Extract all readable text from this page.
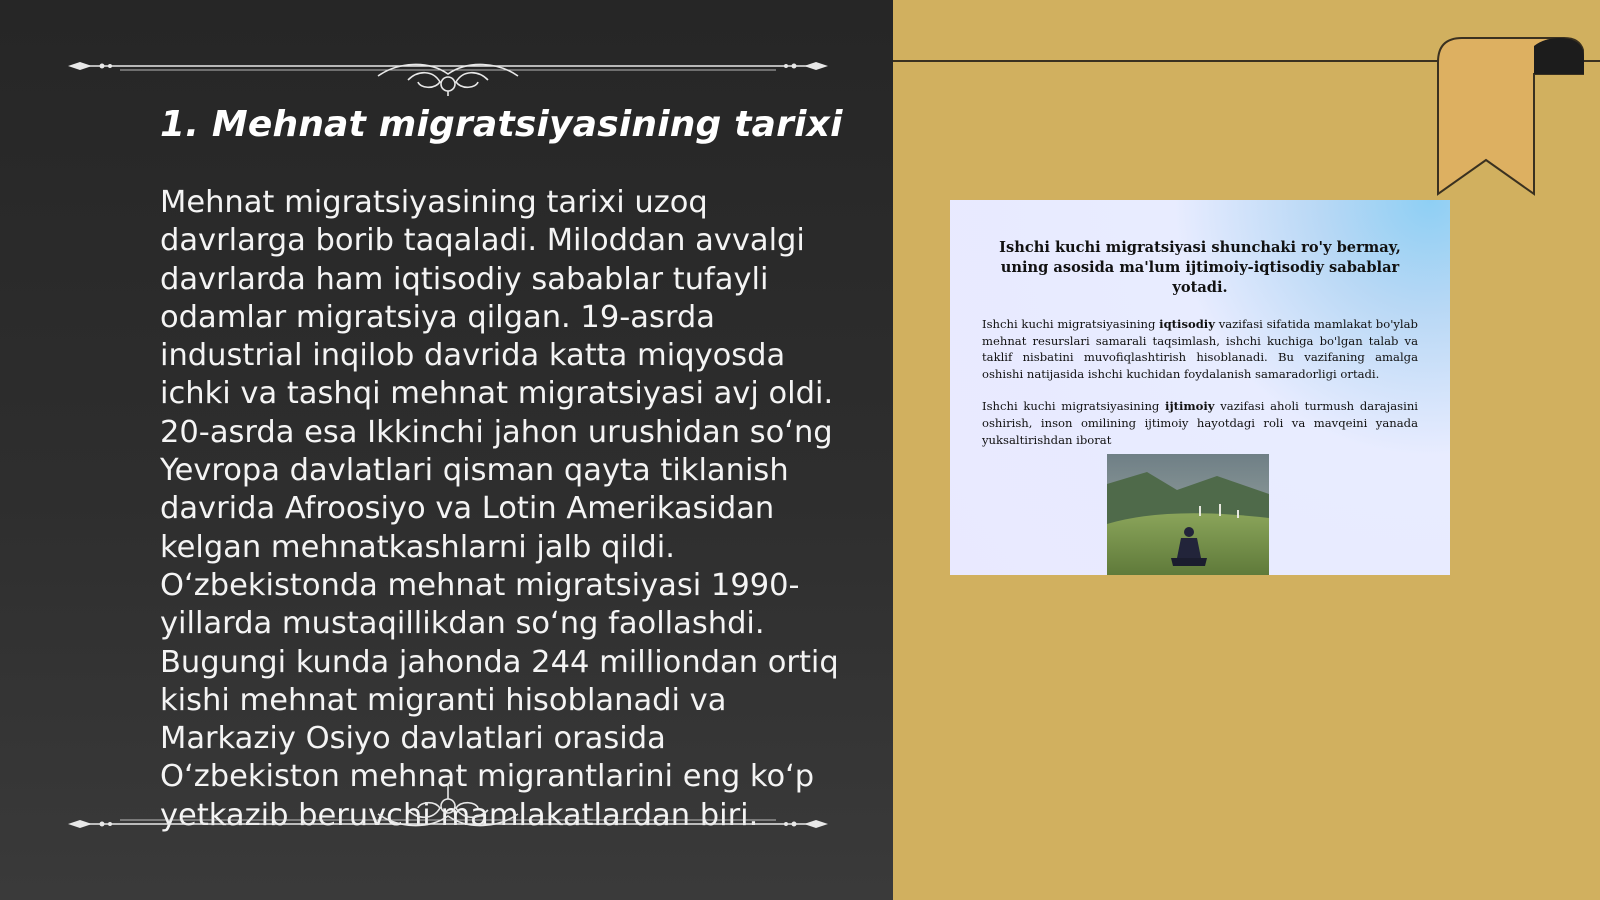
1. Mehnat migratsiyasining tarixi

Mehnat migratsiyasining tarixi uzoq davrlarga borib taqaladi. Miloddan avvalgi davrlarda ham iqtisodiy sabablar tufayli odamlar migratsiya qilgan. 19-asrda industrial inqilob davrida katta miqyosda ichki va tashqi mehnat migratsiyasi avj oldi. 20-asrda esa Ikkinchi jahon urushidan so‘ng Yevropa davlatlari qisman qayta tiklanish davrida Afroosiyo va Lotin Amerikasidan kelgan mehnatkashlarni jalb qildi. O‘zbekistonda mehnat migratsiyasi 1990-yillarda mustaqillikdan so‘ng faollashdi. Bugungi kunda jahonda 244 milliondan ortiq kishi mehnat migranti hisoblanadi va Markaziy Osiyo davlatlari orasida O‘zbekiston mehnat migrantlarini eng ko‘p yetkazib beruvchi mamlakatlardan biri.

Ishchi kuchi migratsiyasi shunchaki ro'y bermay, uning asosida ma'lum ijtimoiy-iqtisodiy sabablar yotadi.

Ishchi kuchi migratsiyasining iqtisodiy vazifasi sifatida mamlakat bo'ylab mehnat resurslari samarali taqsimlash, ishchi kuchiga bo'lgan talab va taklif nisbatini muvofiqlashtirish hisoblanadi. Bu vazifaning amalga oshishi natijasida ishchi kuchidan foydalanish samaradorligi ortadi.

Ishchi kuchi migratsiyasining ijtimoiy vazifasi aholi turmush darajasini oshirish, inson omilining ijtimoiy hayotdagi roli va mavqeini yanada yuksaltirishdan iborat
